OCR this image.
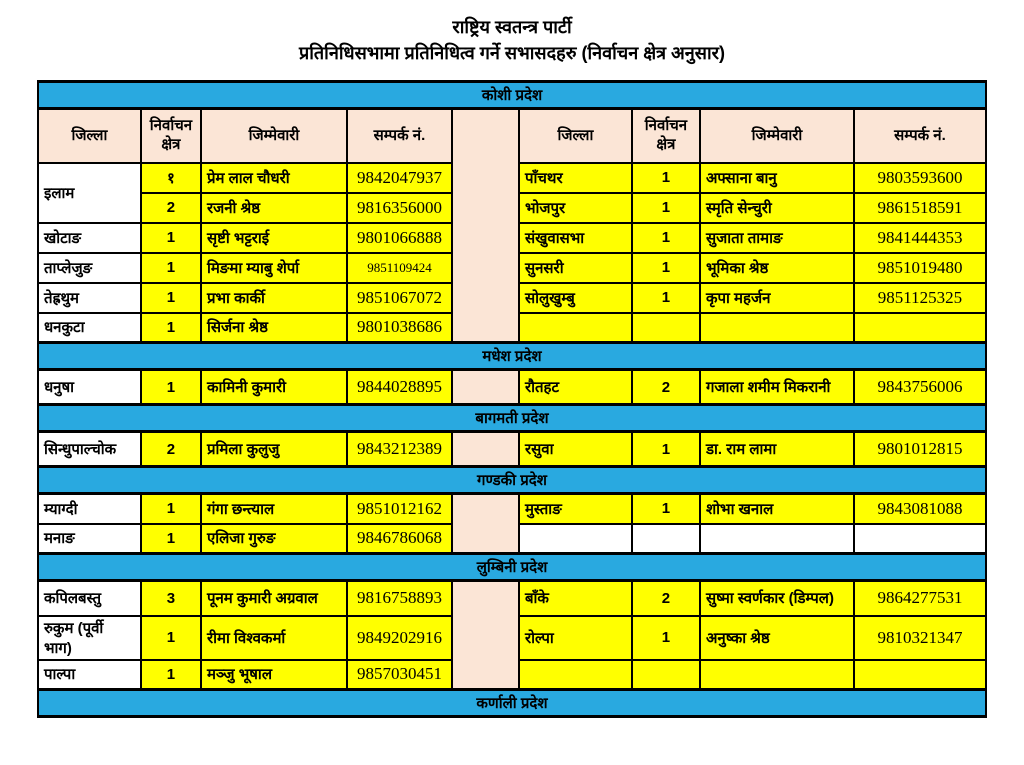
राष्ट्रिय स्वतन्त्र पार्टी
प्रतिनिधिसभामा प्रतिनिधित्व गर्ने सभासदहरु (निर्वाचन क्षेत्र अनुसार)
कोशी प्रदेश								
जिल्ला	निर्वाचन क्षेत्र	जिम्मेवारी	सम्पर्क नं.		जिल्ला	निर्वाचन क्षेत्र	जिम्मेवारी	सम्पर्क नं.
इलाम	१	प्रेम लाल चौधरी	9842047937		पाँचथर	1	अफ्साना बानु	9803593600
	2	रजनी श्रेष्ठ	9816356000		भोजपुर	1	स्मृति सेन्चुरी	9861518591
खोटाङ	1	सृष्टी भट्टराई	9801066888		संखुवासभा	1	सुजाता तामाङ	9841444353
ताप्लेजुङ	1	मिङमा म्याबु शेर्पा	9851109424		सुनसरी	1	भूमिका श्रेष्ठ	9851019480
तेह्रथुम	1	प्रभा कार्की	9851067072		सोलुखुम्बु	1	कृपा महर्जन	9851125325
धनकुटा	1	सिर्जना श्रेष्ठ	9801038686					
मधेश प्रदेश								
धनुषा	1	कामिनी कुमारी	9844028895		रौतहट	2	गजाला शमीम मिकरानी	9843756006
बागमती प्रदेश								
सिन्धुपाल्चोक	2	प्रमिला कुलुजु	9843212389		रसुवा	1	डा. राम लामा	9801012815
गण्डकी प्रदेश								
म्याग्दी	1	गंगा छन्त्याल	9851012162		मुस्ताङ	1	शोभा खनाल	9843081088
मनाङ	1	एलिजा गुरुङ	9846786068					
लुम्बिनी प्रदेश								
कपिलबस्तु	3	पूनम कुमारी अग्रवाल	9816758893		बाँके	2	सुष्मा स्वर्णकार (डिम्पल)	9864277531
रुकुम (पूर्वी भाग)	1	रीमा विश्वकर्मा	9849202916		रोल्पा	1	अनुष्का श्रेष्ठ	9810321347
पाल्पा	1	मञ्जु भूषाल	9857030451					
कर्णाली प्रदेश								
